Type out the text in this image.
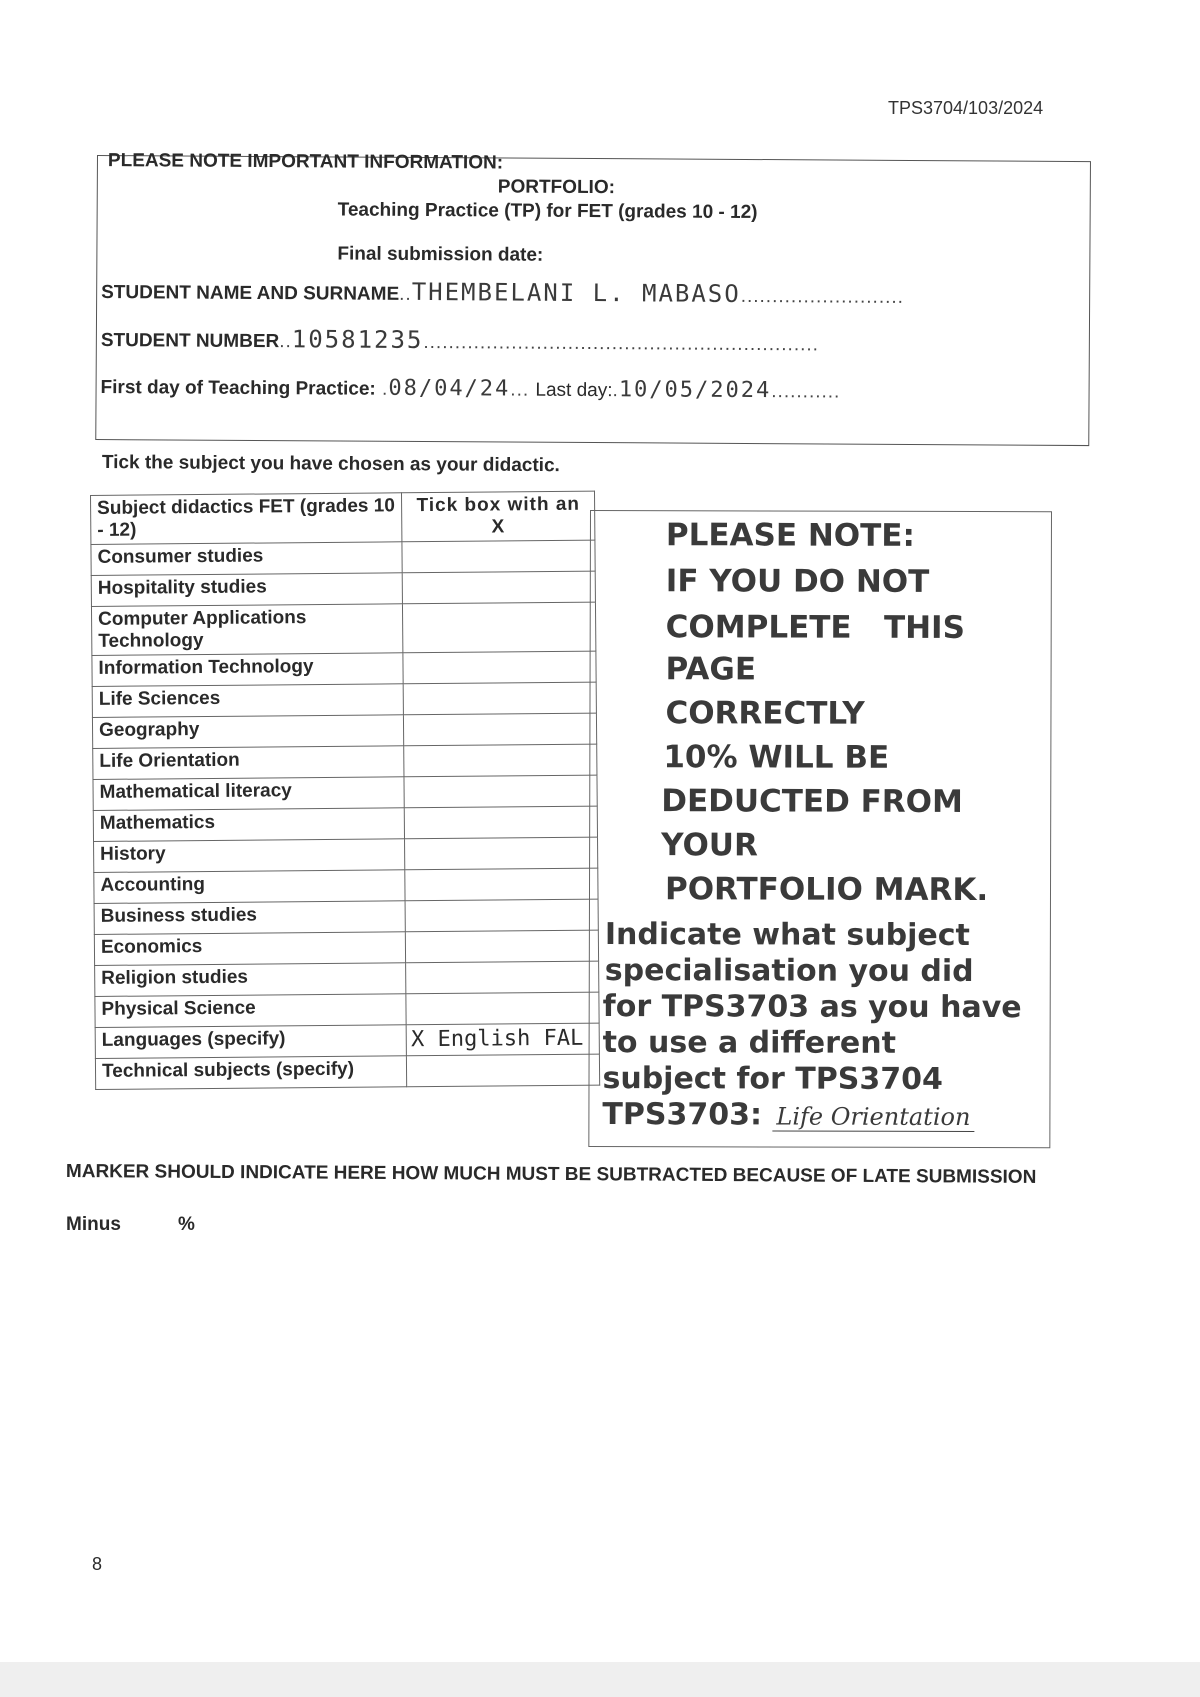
TPS3704/103/2024
PLEASE NOTE IMPORTANT INFORMATION:
PORTFOLIO:
Teaching Practice (TP) for FET (grades 10 - 12)
Final submission date:
STUDENT NAME AND SURNAME..THEMBELANI L. MABASO..........................
STUDENT NUMBER..10581235...............................................................
First day of Teaching Practice: .08/04/24... Last day:.10/05/2024...........
Tick the subject you have chosen as your didactic.
Subject didactics FET (grades 10 - 12)	Tick box with an X
Consumer studies	
Hospitality studies	
Computer Applications Technology	
Information Technology	
Life Sciences	
Geography	
Life Orientation	
Mathematical literacy	
Mathematics	
History	
Accounting	
Business studies	
Economics	
Religion studies	
Physical Science	
Languages (specify)	X English FAL
Technical subjects (specify)	
PLEASE NOTE:
IF YOU DO NOT
COMPLETE   THIS
PAGE
CORRECTLY
10% WILL BE
DEDUCTED FROM
YOUR
PORTFOLIO MARK.
Indicate what subject
specialisation you did
for TPS3703 as you have
to use a different
subject for TPS3704
TPS3703: Life Orientation
MARKER SHOULD INDICATE HERE HOW MUCH MUST BE SUBTRACTED BECAUSE OF LATE SUBMISSION
Minus	%
8
